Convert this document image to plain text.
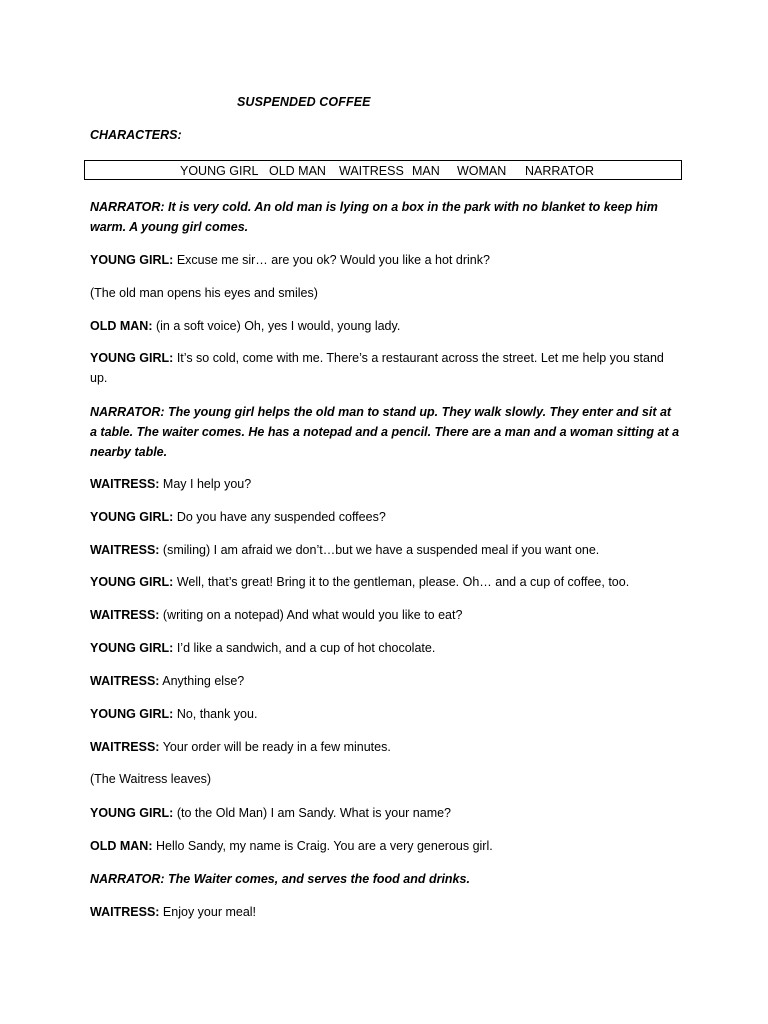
SUSPENDED COFFEE
CHARACTERS:
YOUNG GIRL OLD MAN WAITRESS MAN WOMAN NARRATOR
NARRATOR: It is very cold. An old man is lying on a box in the park with no blanket to keep him warm. A young girl comes.
YOUNG GIRL: Excuse me sir… are you ok? Would you like a hot drink?
(The old man opens his eyes and smiles)
OLD MAN: (in a soft voice) Oh, yes I would, young lady.
YOUNG GIRL: It’s so cold, come with me. There’s a restaurant across the street. Let me help you stand up.
NARRATOR: The young girl helps the old man to stand up. They walk slowly. They enter and sit at a table. The waiter comes. He has a notepad and a pencil. There are a man and a woman sitting at a nearby table.
WAITRESS: May I help you?
YOUNG GIRL: Do you have any suspended coffees?
WAITRESS: (smiling) I am afraid we don’t…but we have a suspended meal if you want one.
YOUNG GIRL: Well, that’s great! Bring it to the gentleman, please. Oh… and a cup of coffee, too.
WAITRESS: (writing on a notepad) And what would you like to eat?
YOUNG GIRL: I’d like a sandwich, and a cup of hot chocolate.
WAITRESS: Anything else?
YOUNG GIRL: No, thank you.
WAITRESS: Your order will be ready in a few minutes.
(The Waitress leaves)
YOUNG GIRL: (to the Old Man) I am Sandy. What is your name?
OLD MAN: Hello Sandy, my name is Craig. You are a very generous girl.
NARRATOR: The Waiter comes, and serves the food and drinks.
WAITRESS: Enjoy your meal!
